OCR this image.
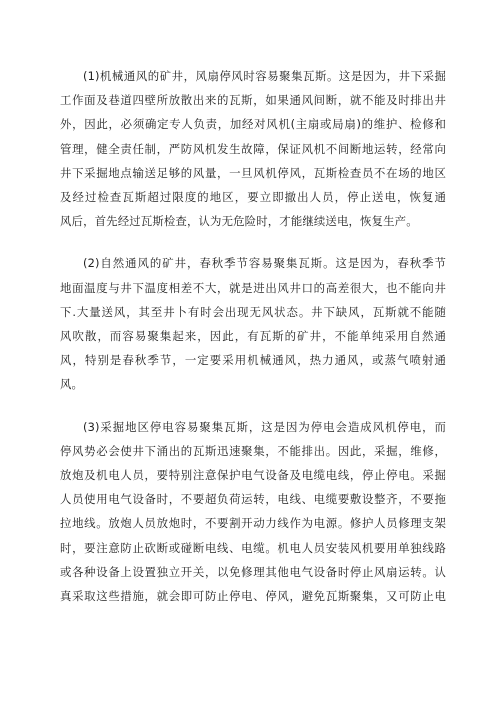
(1)机械通风的矿井，风扇停风时容易聚集瓦斯。这是因为，井下采掘
工作面及巷道四壁所放散出来的瓦斯，如果通风间断，就不能及时排出井
外，因此，必须确定专人负责，加经对风机(主扇或局扇)的维护、检修和
管理，健全责任制，严防风机发生故障，保证风机不间断地运转，经常向
井下采掘地点输送足够的风量，一旦风机停风，瓦斯检查员不在场的地区
及经过检查瓦斯超过限度的地区，要立即撤出人员，停止送电，恢复通
风后，首先经过瓦斯检查，认为无危险时，才能继续送电，恢复生产。

(2)自然通风的矿井，春秋季节容易聚集瓦斯。这是因为，春秋季节
地面温度与井下温度相差不大，就是进出风井口的高差很大，也不能向井
下.大量送风，其至井卜有时会出现无风状态。井下缺风，瓦斯就不能随
风吹散，而容易聚集起来，因此，有瓦斯的矿井，不能单纯采用自然通
风，特别是春秋季节，一定要采用机械通风，热力通风，或蒸气喷射通
风。

(3)采掘地区停电容易聚集瓦斯，这是因为停电会造成风机停电，而
停风势必会使井下涌出的瓦斯迅速聚集，不能排出。因此，采掘，维修，
放炮及机电人员，要特别注意保护电气设备及电缆电线，停止停电。采掘
人员使用电气设备时，不要超负荷运转，电线、电缆要敷设整齐，不要拖
拉地线。放炮人员放炮时，不要割开动力线作为电源。修护人员修理支架
时，要注意防止砍断或碰断电线、电缆。机电人员安装风机要用单独线路
或各种设备上设置独立开关，以免修理其他电气设备时停止风扇运转。认
真采取这些措施，就会即可防止停电、停风，避免瓦斯聚集，又可防止电
